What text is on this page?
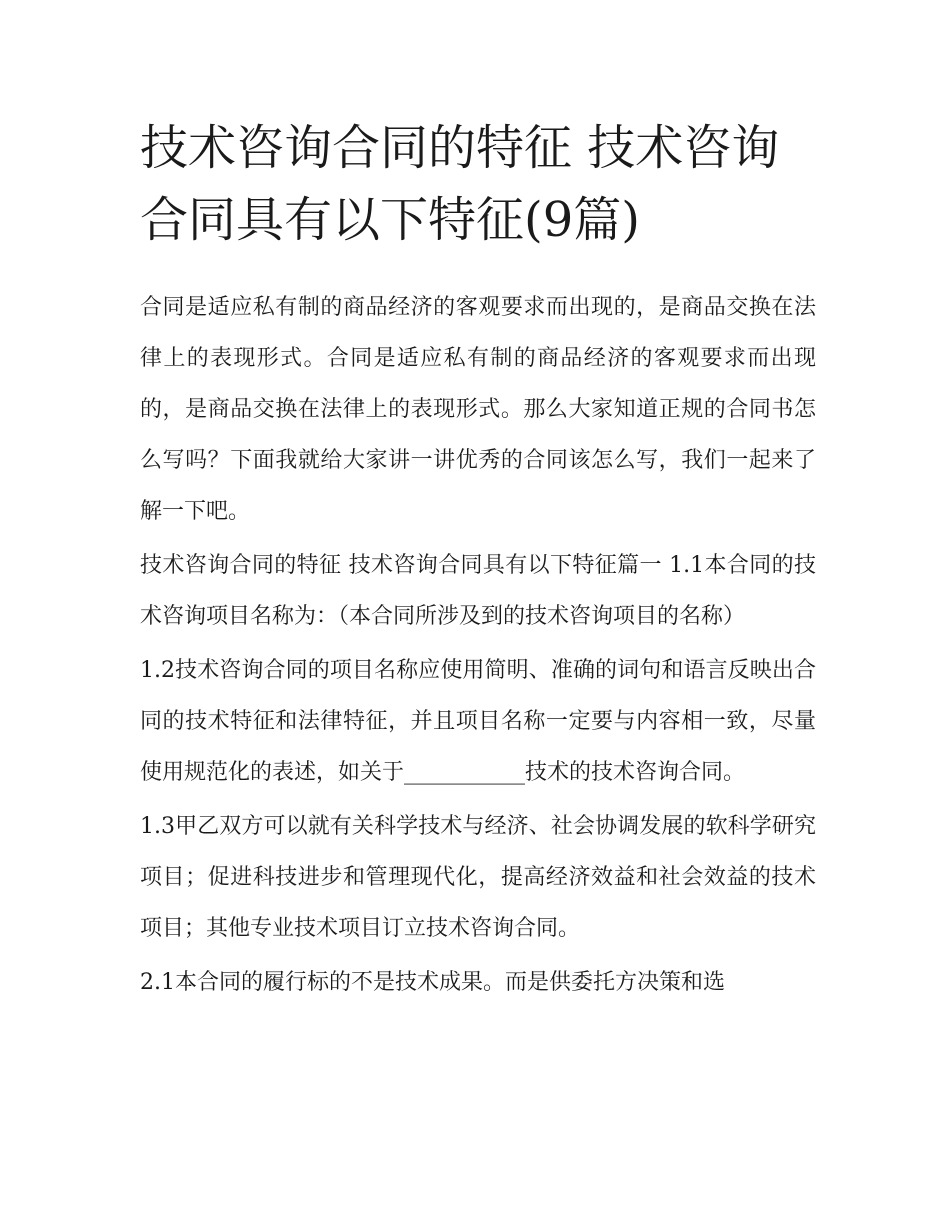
技术咨询合同的特征 技术咨询合同具有以下特征(9篇)

合同是适应私有制的商品经济的客观要求而出现的，是商品交换在法律上的表现形式。合同是适应私有制的商品经济的客观要求而出现的，是商品交换在法律上的表现形式。那么大家知道正规的合同书怎么写吗？下面我就给大家讲一讲优秀的合同该怎么写，我们一起来了解一下吧。

技术咨询合同的特征 技术咨询合同具有以下特征篇一 1.1本合同的技术咨询项目名称为：（本合同所涉及到的技术咨询项目的名称）

1.2技术咨询合同的项目名称应使用简明、准确的词句和语言反映出合同的技术特征和法律特征，并且项目名称一定要与内容相一致，尽量使用规范化的表述，如关于___________技术的技术咨询合同。

1.3甲乙双方可以就有关科学技术与经济、社会协调发展的软科学研究项目；促进科技进步和管理现代化，提高经济效益和社会效益的技术项目；其他专业技术项目订立技术咨询合同。

2.1本合同的履行标的不是技术成果。而是供委托方决策和选
